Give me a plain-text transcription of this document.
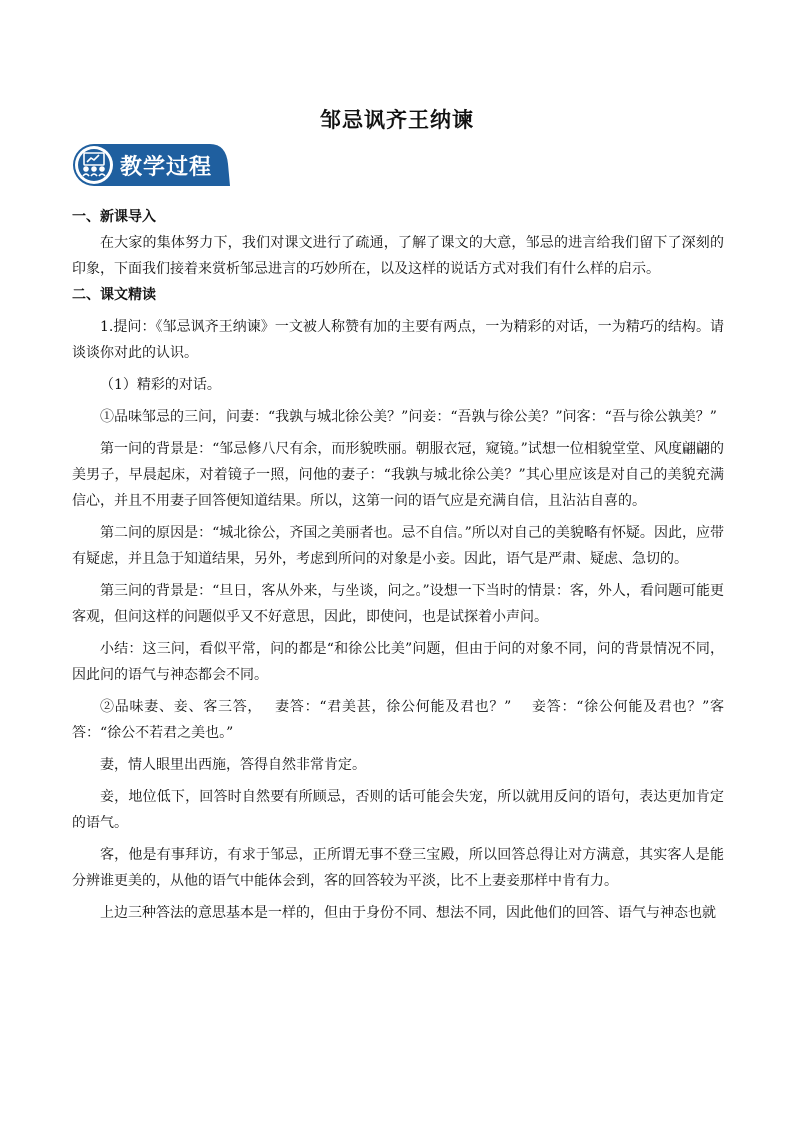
邹忌讽齐王纳谏
教学过程

一、新课导入

在大家的集体努力下，我们对课文进行了疏通，了解了课文的大意，邹忌的进言给我们留下了深刻的印象，下面我们接着来赏析邹忌进言的巧妙所在，以及这样的说话方式对我们有什么样的启示。

二、课文精读

1.提问：《邹忌讽齐王纳谏》一文被人称赞有加的主要有两点，一为精彩的对话，一为精巧的结构。请谈谈你对此的认识。

（1）精彩的对话。

①品味邹忌的三问，问妻：“我孰与城北徐公美？”问妾：“吾孰与徐公美？”问客：“吾与徐公孰美？”

第一问的背景是：“邹忌修八尺有余，而形貌昳丽。朝服衣冠，窥镜。”试想一位相貌堂堂、风度翩翩的美男子，早晨起床，对着镜子一照，问他的妻子：“我孰与城北徐公美？”其心里应该是对自己的美貌充满信心，并且不用妻子回答便知道结果。所以，这第一问的语气应是充满自信，且沾沾自喜的。

第二问的原因是：“城北徐公，齐国之美丽者也。忌不自信。”所以对自己的美貌略有怀疑。因此，应带有疑虑，并且急于知道结果，另外，考虑到所问的对象是小妾。因此，语气是严肃、疑虑、急切的。

第三问的背景是：“旦日，客从外来，与坐谈，问之。”设想一下当时的情景：客，外人，看问题可能更客观，但问这样的问题似乎又不好意思，因此，即使问，也是试探着小声问。

小结：这三问，看似平常，问的都是“和徐公比美”问题，但由于问的对象不同，问的背景情况不同，因此问的语气与神态都会不同。

②品味妻、妾、客三答，　 妻答：“君美甚，徐公何能及君也？”　 妾答：“徐公何能及君也？”客答：“徐公不若君之美也。”

妻，情人眼里出西施，答得自然非常肯定。

妾，地位低下，回答时自然要有所顾忌，否则的话可能会失宠，所以就用反问的语句，表达更加肯定的语气。

客，他是有事拜访，有求于邹忌，正所谓无事不登三宝殿，所以回答总得让对方满意，其实客人是能分辨谁更美的，从他的语气中能体会到，客的回答较为平淡，比不上妻妾那样中肯有力。

上边三种答法的意思基本是一样的，但由于身份不同、想法不同，因此他们的回答、语气与神态也就
